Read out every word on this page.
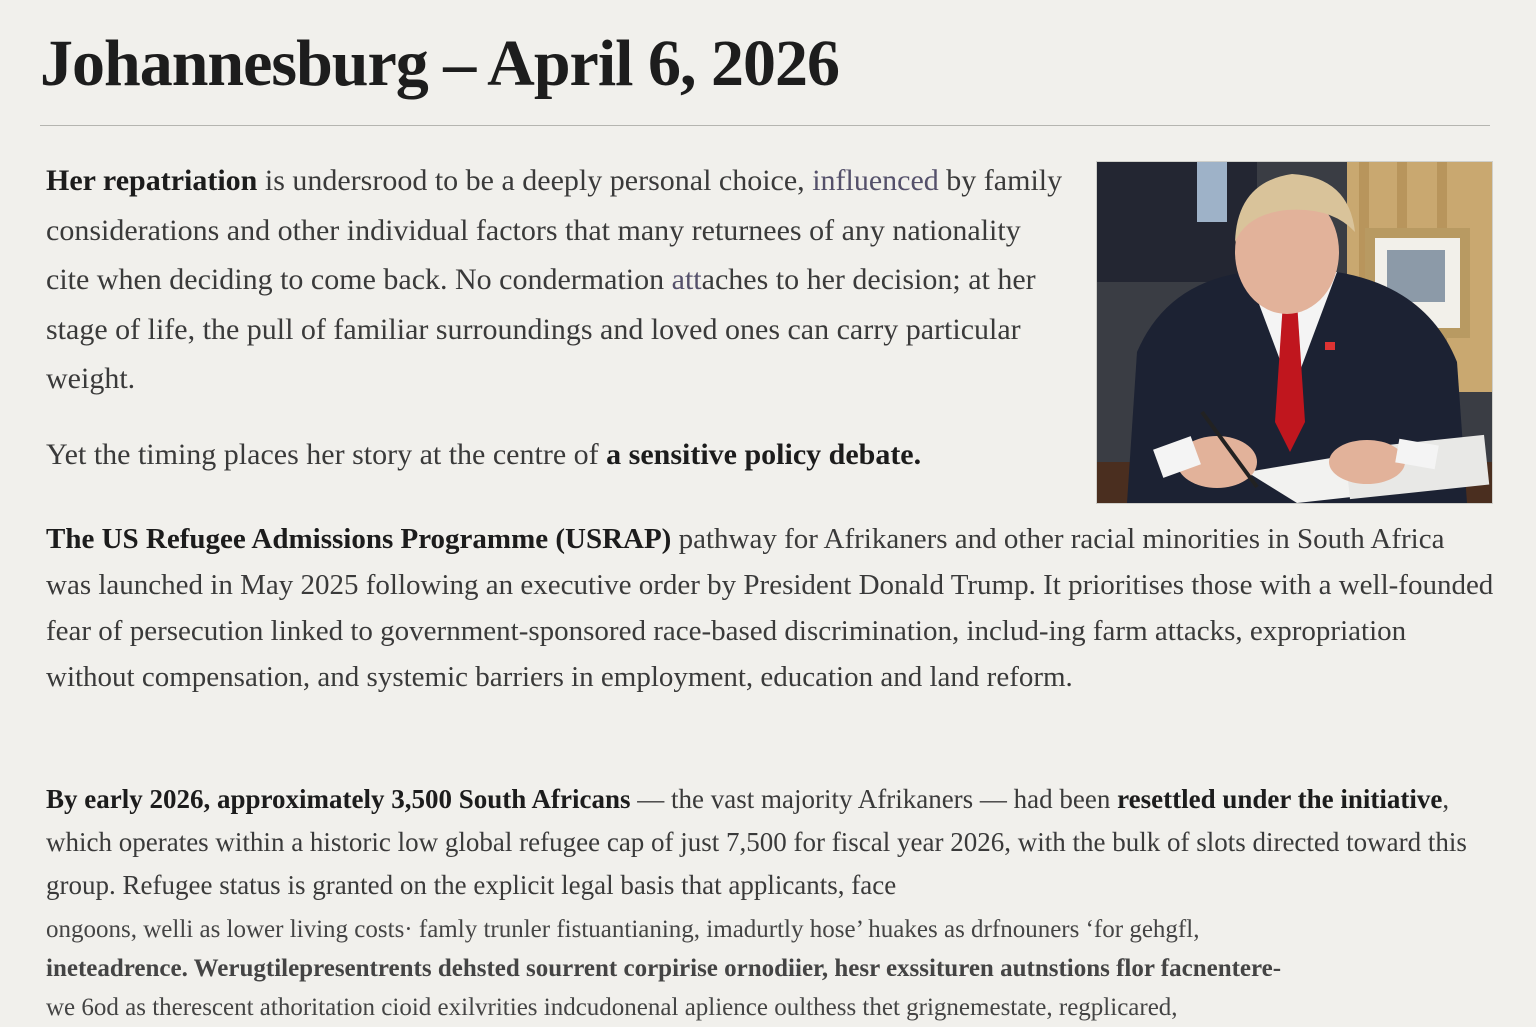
Johannesburg – April 6, 2026

Her repatriation is undersrood to be a deeply personal choice, influenced by family considerations and other individual factors that many returnees of any nationality cite when deciding to come back. No condermation attaches to her decision; at her stage of life, the pull of familiar surroundings and loved ones can carry particular weight.

Yet the timing places her story at the centre of a sensitive policy debate.

The US Refugee Admissions Programme (USRAP) pathway for Afrikaners and other racial minorities in South Africa was launched in May 2025 following an executive order by President Donald Trump. It prioritises those with a well-founded fear of persecution linked to government-sponsored race-based discrimination, includ-ing farm attacks, expropriation without compensation, and systemic barriers in employment, education and land reform.

By early 2026, approximately 3,500 South Africans — the vast majority Afrikaners — had been resettled under the initiative, which operates within a historic low global refugee cap of just 7,500 for fiscal year 2026, with the bulk of slots directed toward this group. Refugee status is granted on the explicit legal basis that applicants, face

ongoons, welli as lower living costs· famly trunler fistuantianing, imadurtly hose’ huakes as drfnouners ‘for gehgfl,
ineteadrence. Werugtilepresentrents dehsted sourrent corpirise ornodiier, hesr exssituren autnstions flor facnentere-
we 6od as therescent athoritation cioid exilvrities indcudonenal aplience oulthess thet grignemestate, regplicared,
